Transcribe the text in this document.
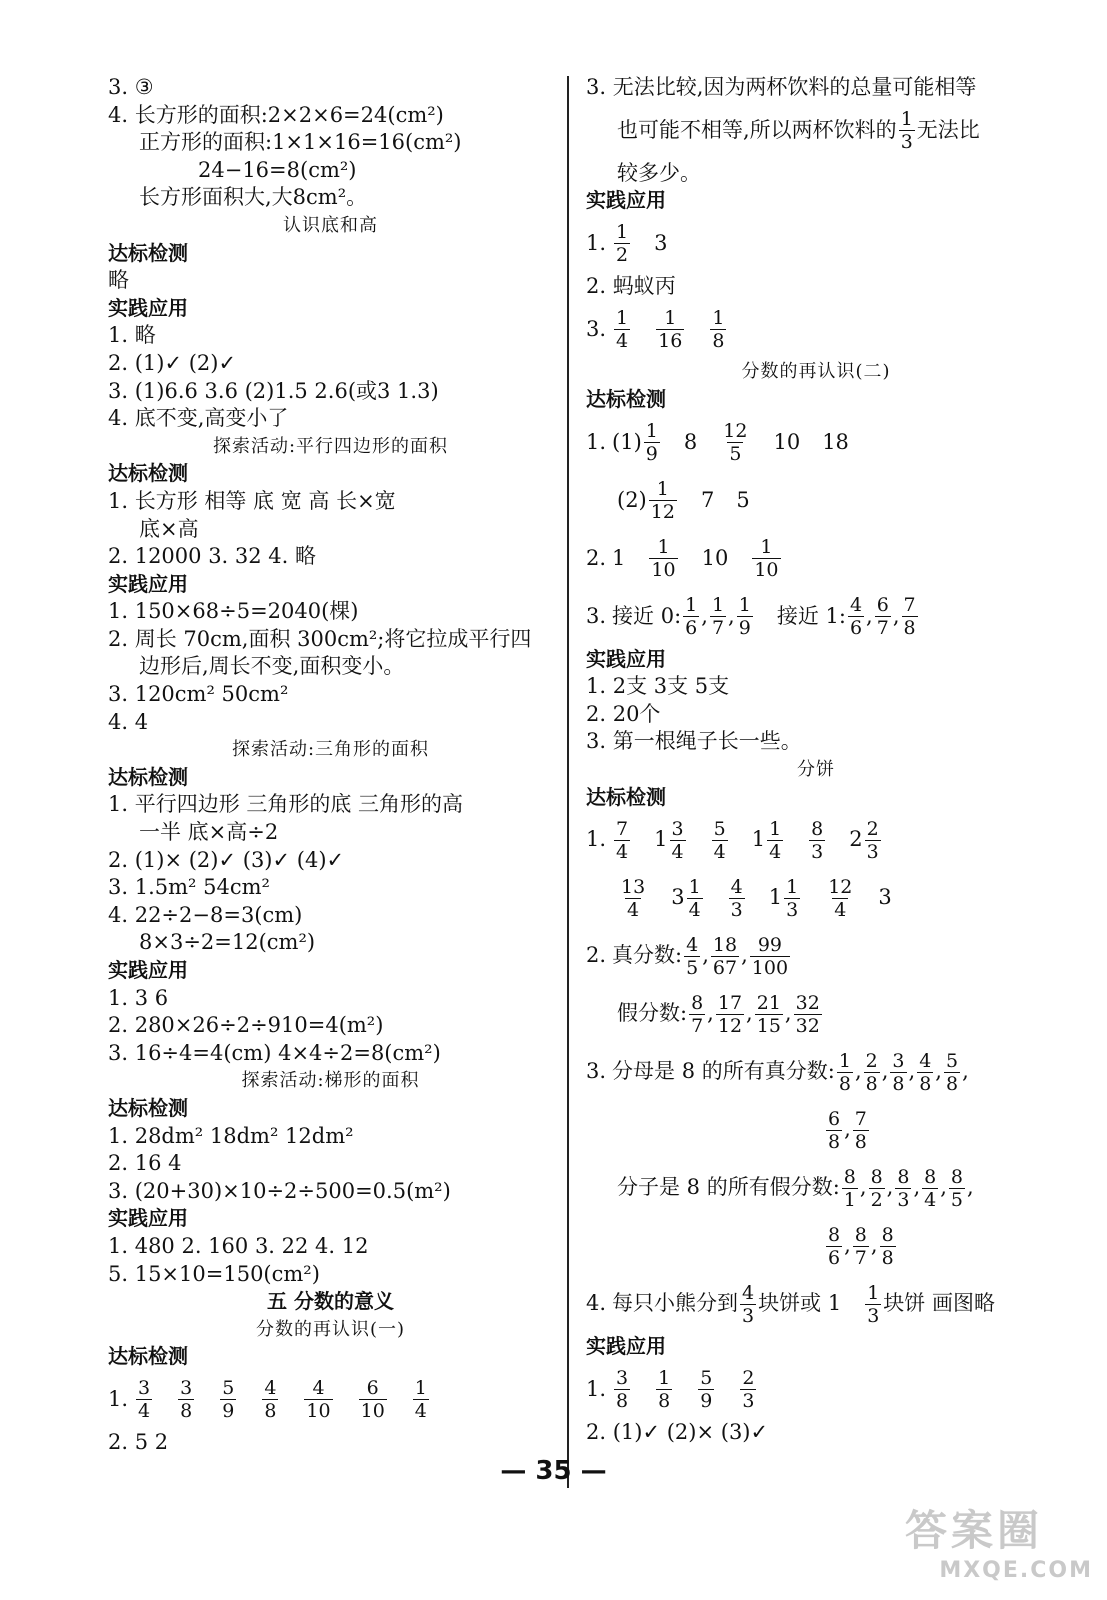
3. ③
4. 长方形的面积:2×2×6=24(cm²)
正方形的面积:1×1×16=16(cm²)
24−16=8(cm²)
长方形面积大,大8cm²。
认识底和高
达标检测
略
实践应用
1. 略
2. (1)✓ (2)✓
3. (1)6.6 3.6 (2)1.5 2.6(或3 1.3)
4. 底不变,高变小了
探索活动:平行四边形的面积
达标检测
1. 长方形 相等 底 宽 高 长×宽
底×高
2. 12000 3. 32 4. 略
实践应用
1. 150×68÷5=2040(棵)
2. 周长 70cm,面积 300cm²;将它拉成平行四
边形后,周长不变,面积变小。
3. 120cm² 50cm²
4. 4
探索活动:三角形的面积
达标检测
1. 平行四边形 三角形的底 三角形的高
一半 底×高÷2
2. (1)× (2)✓ (3)✓ (4)✓
3. 1.5m² 54cm²
4. 22÷2−8=3(cm)
8×3÷2=12(cm²)
实践应用
1. 3 6
2. 280×26÷2÷910=4(m²)
3. 16÷4=4(cm) 4×4÷2=8(cm²)
探索活动:梯形的面积
达标检测
1. 28dm² 18dm² 12dm²
2. 16 4
3. (20+30)×10÷2÷500=0.5(m²)
实践应用
1. 480 2. 160 3. 22 4. 12
5. 15×10=150(cm²)
五 分数的意义
分数的再认识(一)
达标检测
1. $\frac{3}{4} \frac{3}{8} \frac{5}{9} \frac{4}{8} \frac{4}{10} \frac{6}{10} \frac{1}{4}$
2. 5 2
3. 无法比较,因为两杯饮料的总量可能相等
也可能不相等,所以两杯饮料的 $\frac{1}{3}$ 无法比
较多少。
实践应用
1. $\frac{1}{2} 3$
2. 蚂蚁丙
3. $\frac{1}{4} \frac{1}{16} \frac{1}{8}$
分数的再认识(二)
达标检测
1. $(1) \frac{1}{9} 8 \frac{12}{5} 10$ 18
$(2) \frac{1}{12} 7$ 5
2. $1 \frac{1}{10} 10 \frac{1}{10}$
3. 接近 0: $\frac{1}{6}$ , $\frac{1}{7}$ , $\frac{1}{9}$ 接近 1: $\frac{4}{6}$ , $\frac{6}{7}$ , $\frac{7}{8}$
实践应用
1. 2支 3支 5支
2. 20个
3. 第一根绳子长一些。
分饼
达标检测
1. $\frac{7}{4} 1 \frac{3}{4} \frac{5}{4} 1 \frac{1}{4} \frac{8}{3} 2 \frac{2}{3}$
$\frac{13}{4} 3 \frac{1}{4} \frac{4}{3} 1 \frac{1}{3} \frac{12}{4} 3$
2. 真分数: $\frac{4}{5}$ , $\frac{18}{67}$ , $\frac{99}{100}$
假分数: $\frac{8}{7}$ , $\frac{17}{12}$ , $\frac{21}{15}$ , $\frac{32}{32}$
3. 分母是 8 的所有真分数: $\frac{1}{8}$ , $\frac{2}{8}$ , $\frac{3}{8}$ , $\frac{4}{8}$ , $\frac{5}{8}$ ,
$\frac{6}{8}$ , $\frac{7}{8}$
分子是 8 的所有假分数: $\frac{8}{1}$ , $\frac{8}{2}$ , $\frac{8}{3}$ , $\frac{8}{4}$ , $\frac{8}{5}$ ,
$\frac{8}{6}$ , $\frac{8}{7}$ , $\frac{8}{8}$
4. 每只小熊分到 $\frac{4}{3}$ 块饼或 $1 \frac{1}{3}$ 块饼 画图略
实践应用
1. $\frac{3}{8} \frac{1}{8} \frac{5}{9} \frac{2}{3}$
2. (1)✓ (2)× (3)✓
— 35 —
答案圈
MXQE.COM
